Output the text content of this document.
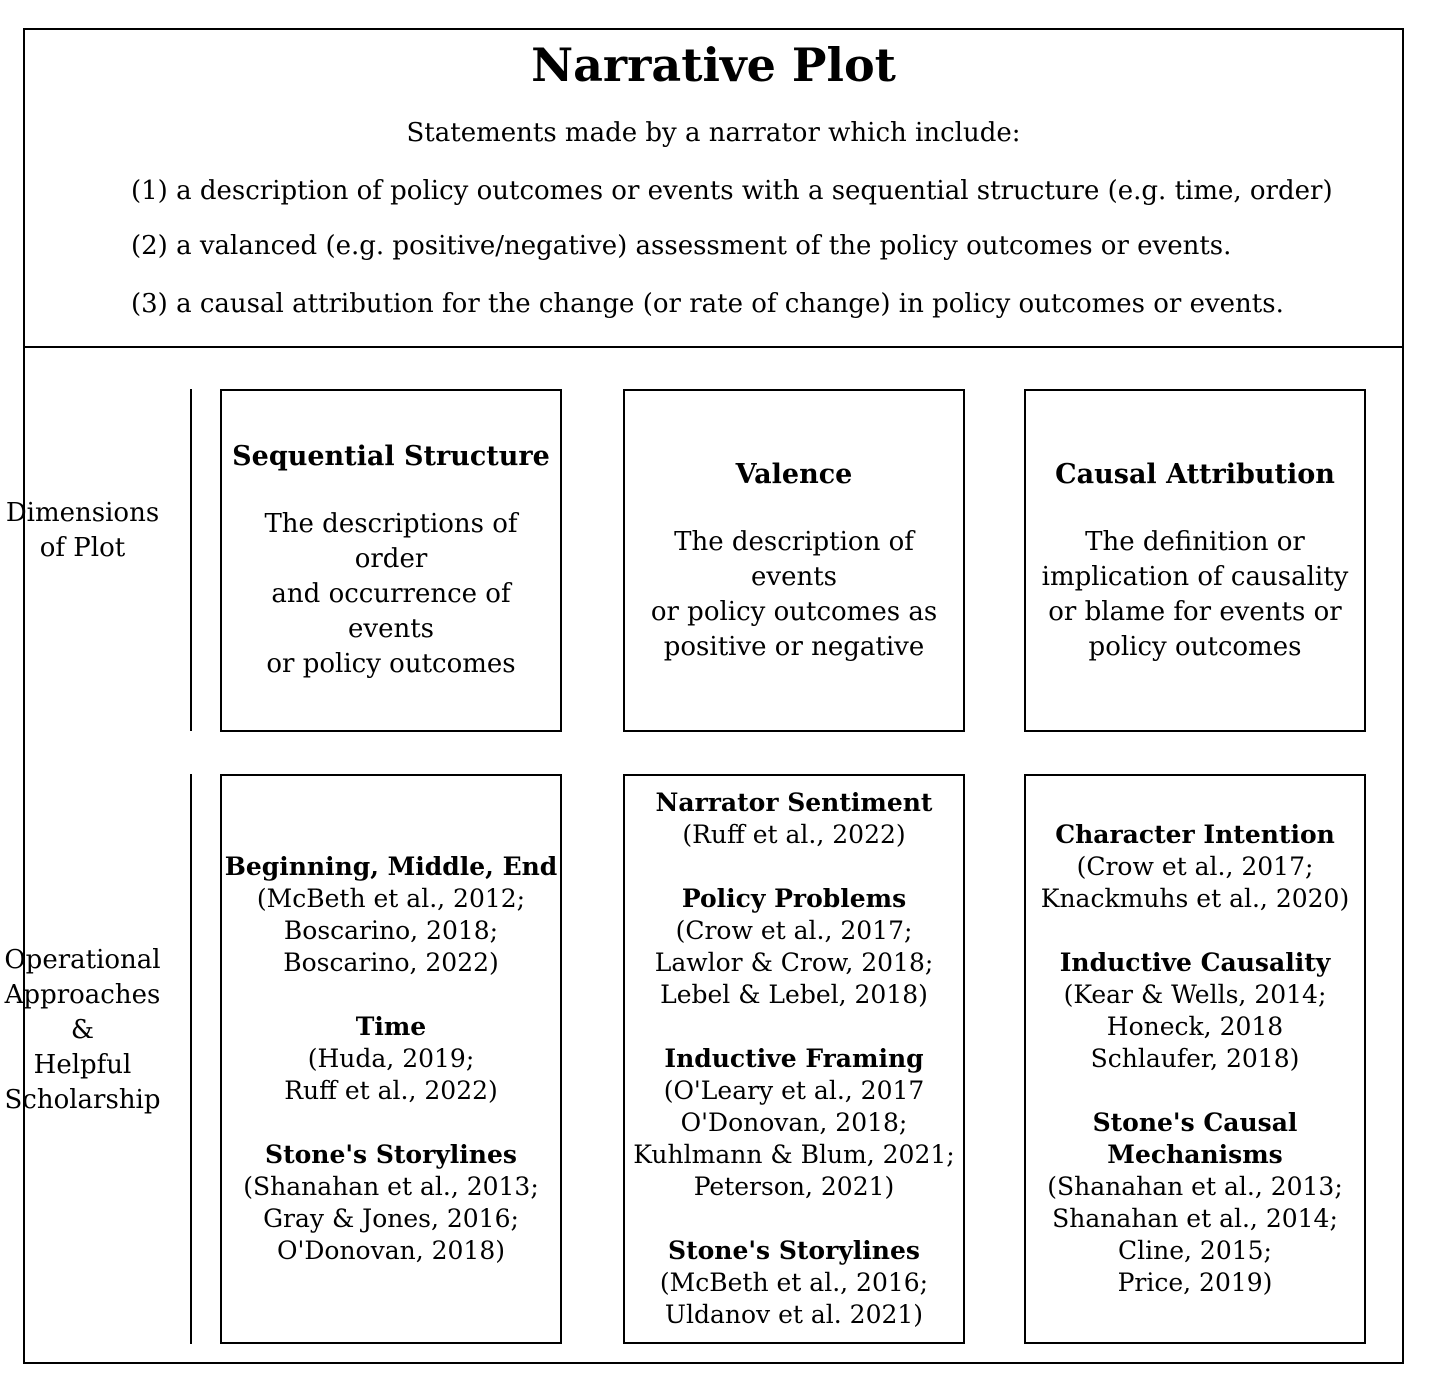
Narrative Plot
Statements made by a narrator which include:
(1) a description of policy outcomes or events with a sequential structure (e.g. time, order)
(2) a valanced (e.g. positive/negative) assessment of the policy outcomes or events.
(3) a causal attribution for the change (or rate of change) in policy outcomes or events.
Dimensions
of Plot
Operational
Approaches
&
Helpful
Scholarship
Sequential Structure
The descriptions of order
and occurrence of events
or policy outcomes
Valence
The description of events
or policy outcomes as
positive or negative
Causal Attribution
The definition or
implication of causality
or blame for events or
policy outcomes
Beginning, Middle, End
(McBeth et al., 2012;
Boscarino, 2018;
Boscarino, 2022)
Time
(Huda, 2019;
Ruff et al., 2022)
Stone's Storylines
(Shanahan et al., 2013;
Gray & Jones, 2016;
O'Donovan, 2018)
Narrator Sentiment
(Ruff et al., 2022)
Policy Problems
(Crow et al., 2017;
Lawlor & Crow, 2018;
Lebel & Lebel, 2018)
Inductive Framing
(O'Leary et al., 2017
O'Donovan, 2018;
Kuhlmann & Blum, 2021;
Peterson, 2021)
Stone's Storylines
(McBeth et al., 2016;
Uldanov et al. 2021)
Character Intention
(Crow et al., 2017;
Knackmuhs et al., 2020)
Inductive Causality
(Kear & Wells, 2014;
Honeck, 2018
Schlaufer, 2018)
Stone's Causal
Mechanisms
(Shanahan et al., 2013;
Shanahan et al., 2014;
Cline, 2015;
Price, 2019)
